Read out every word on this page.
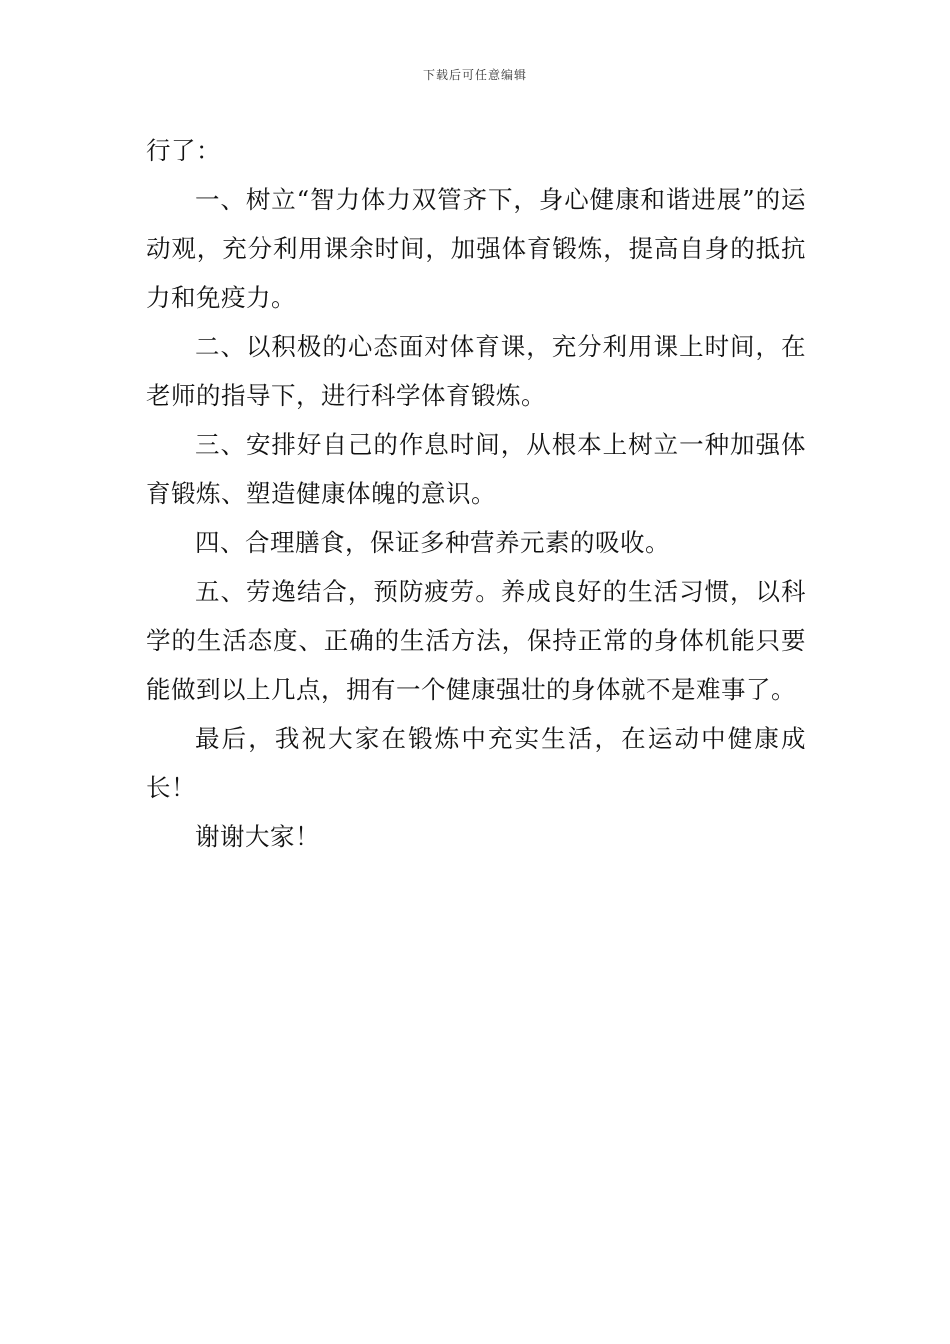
下载后可任意编辑

行了：

一、树立“智力体力双管齐下，身心健康和谐进展”的运动观，充分利用课余时间，加强体育锻炼，提高自身的抵抗力和免疫力。

二、以积极的心态面对体育课，充分利用课上时间，在老师的指导下，进行科学体育锻炼。

三、安排好自己的作息时间，从根本上树立一种加强体育锻炼、塑造健康体魄的意识。

四、合理膳食，保证多种营养元素的吸收。

五、劳逸结合，预防疲劳。养成良好的生活习惯，以科学的生活态度、正确的生活方法，保持正常的身体机能只要能做到以上几点，拥有一个健康强壮的身体就不是难事了。

最后，我祝大家在锻炼中充实生活，在运动中健康成长！

谢谢大家！
